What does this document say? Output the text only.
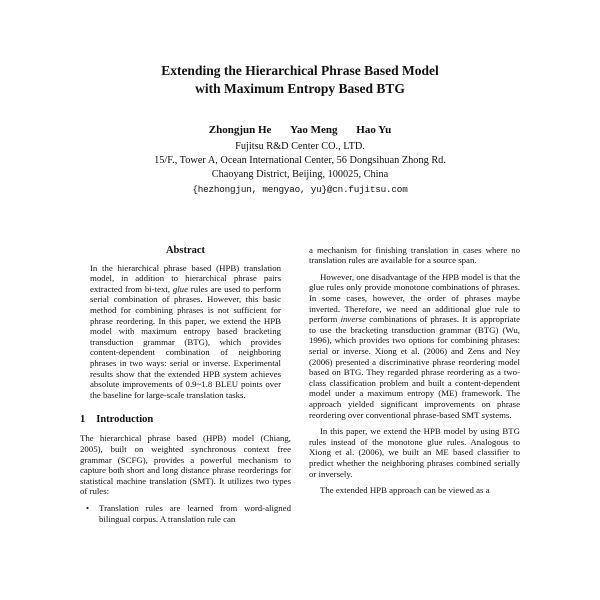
Extending the Hierarchical Phrase Based Model
with Maximum Entropy Based BTG
Zhongjun He Yao Meng Hao Yu
Fujitsu R&D Center CO., LTD.
15/F., Tower A, Ocean International Center, 56 Dongsihuan Zhong Rd.
Chaoyang District, Beijing, 100025, China
{hezhongjun, mengyao, yu}@cn.fujitsu.com
Abstract

In the hierarchical phrase based (HPB) translation model, in addition to hierarchical phrase pairs extracted from bi-text, glue rules are used to perform serial combination of phrases. However, this basic method for combining phrases is not sufficient for phrase reordering. In this paper, we extend the HPB model with maximum entropy based bracketing transduction grammar (BTG), which provides content-dependent combination of neighboring phrases in two ways: serial or inverse. Experimental results show that the extended HPB system achieves absolute improvements of 0.9~1.8 BLEU points over the baseline for large-scale translation tasks.

1 Introduction

The hierarchical phrase based (HPB) model (Chiang, 2005), built on weighted synchronous context free grammar (SCFG), provides a powerful mechanism to capture both short and long distance phrase reorderings for statistical machine translation (SMT). It utilizes two types of rules:

•	Translation rules are learned from word-aligned bilingual corpus. A translation rule can

a mechanism for finishing translation in cases where no translation rules are available for a source span.

However, one disadvantage of the HPB model is that the glue rules only provide monotone combinations of phrases. In some cases, however, the order of phrases maybe inverted. Therefore, we need an additional glue rule to perform inverse combinations of phrases. It is appropriate to use the bracketing transduction grammar (BTG) (Wu, 1996), which provides two options for combining phrases: serial or inverse. Xiong et al. (2006) and Zens and Ney (2006) presented a discriminative phrase reordering model based on BTG. They regarded phrase reordering as a two-class classification problem and built a content-dependent model under a maximum entropy (ME) framework. The approach yielded significant improvements on phrase reordering over conventional phrase-based SMT systems.

In this paper, we extend the HPB model by using BTG rules instead of the monotone glue rules. Analogous to Xiong et al. (2006), we built an ME based classifier to predict whether the neighboring phrases combined serially or inversely.

The extended HPB approach can be viewed as a
